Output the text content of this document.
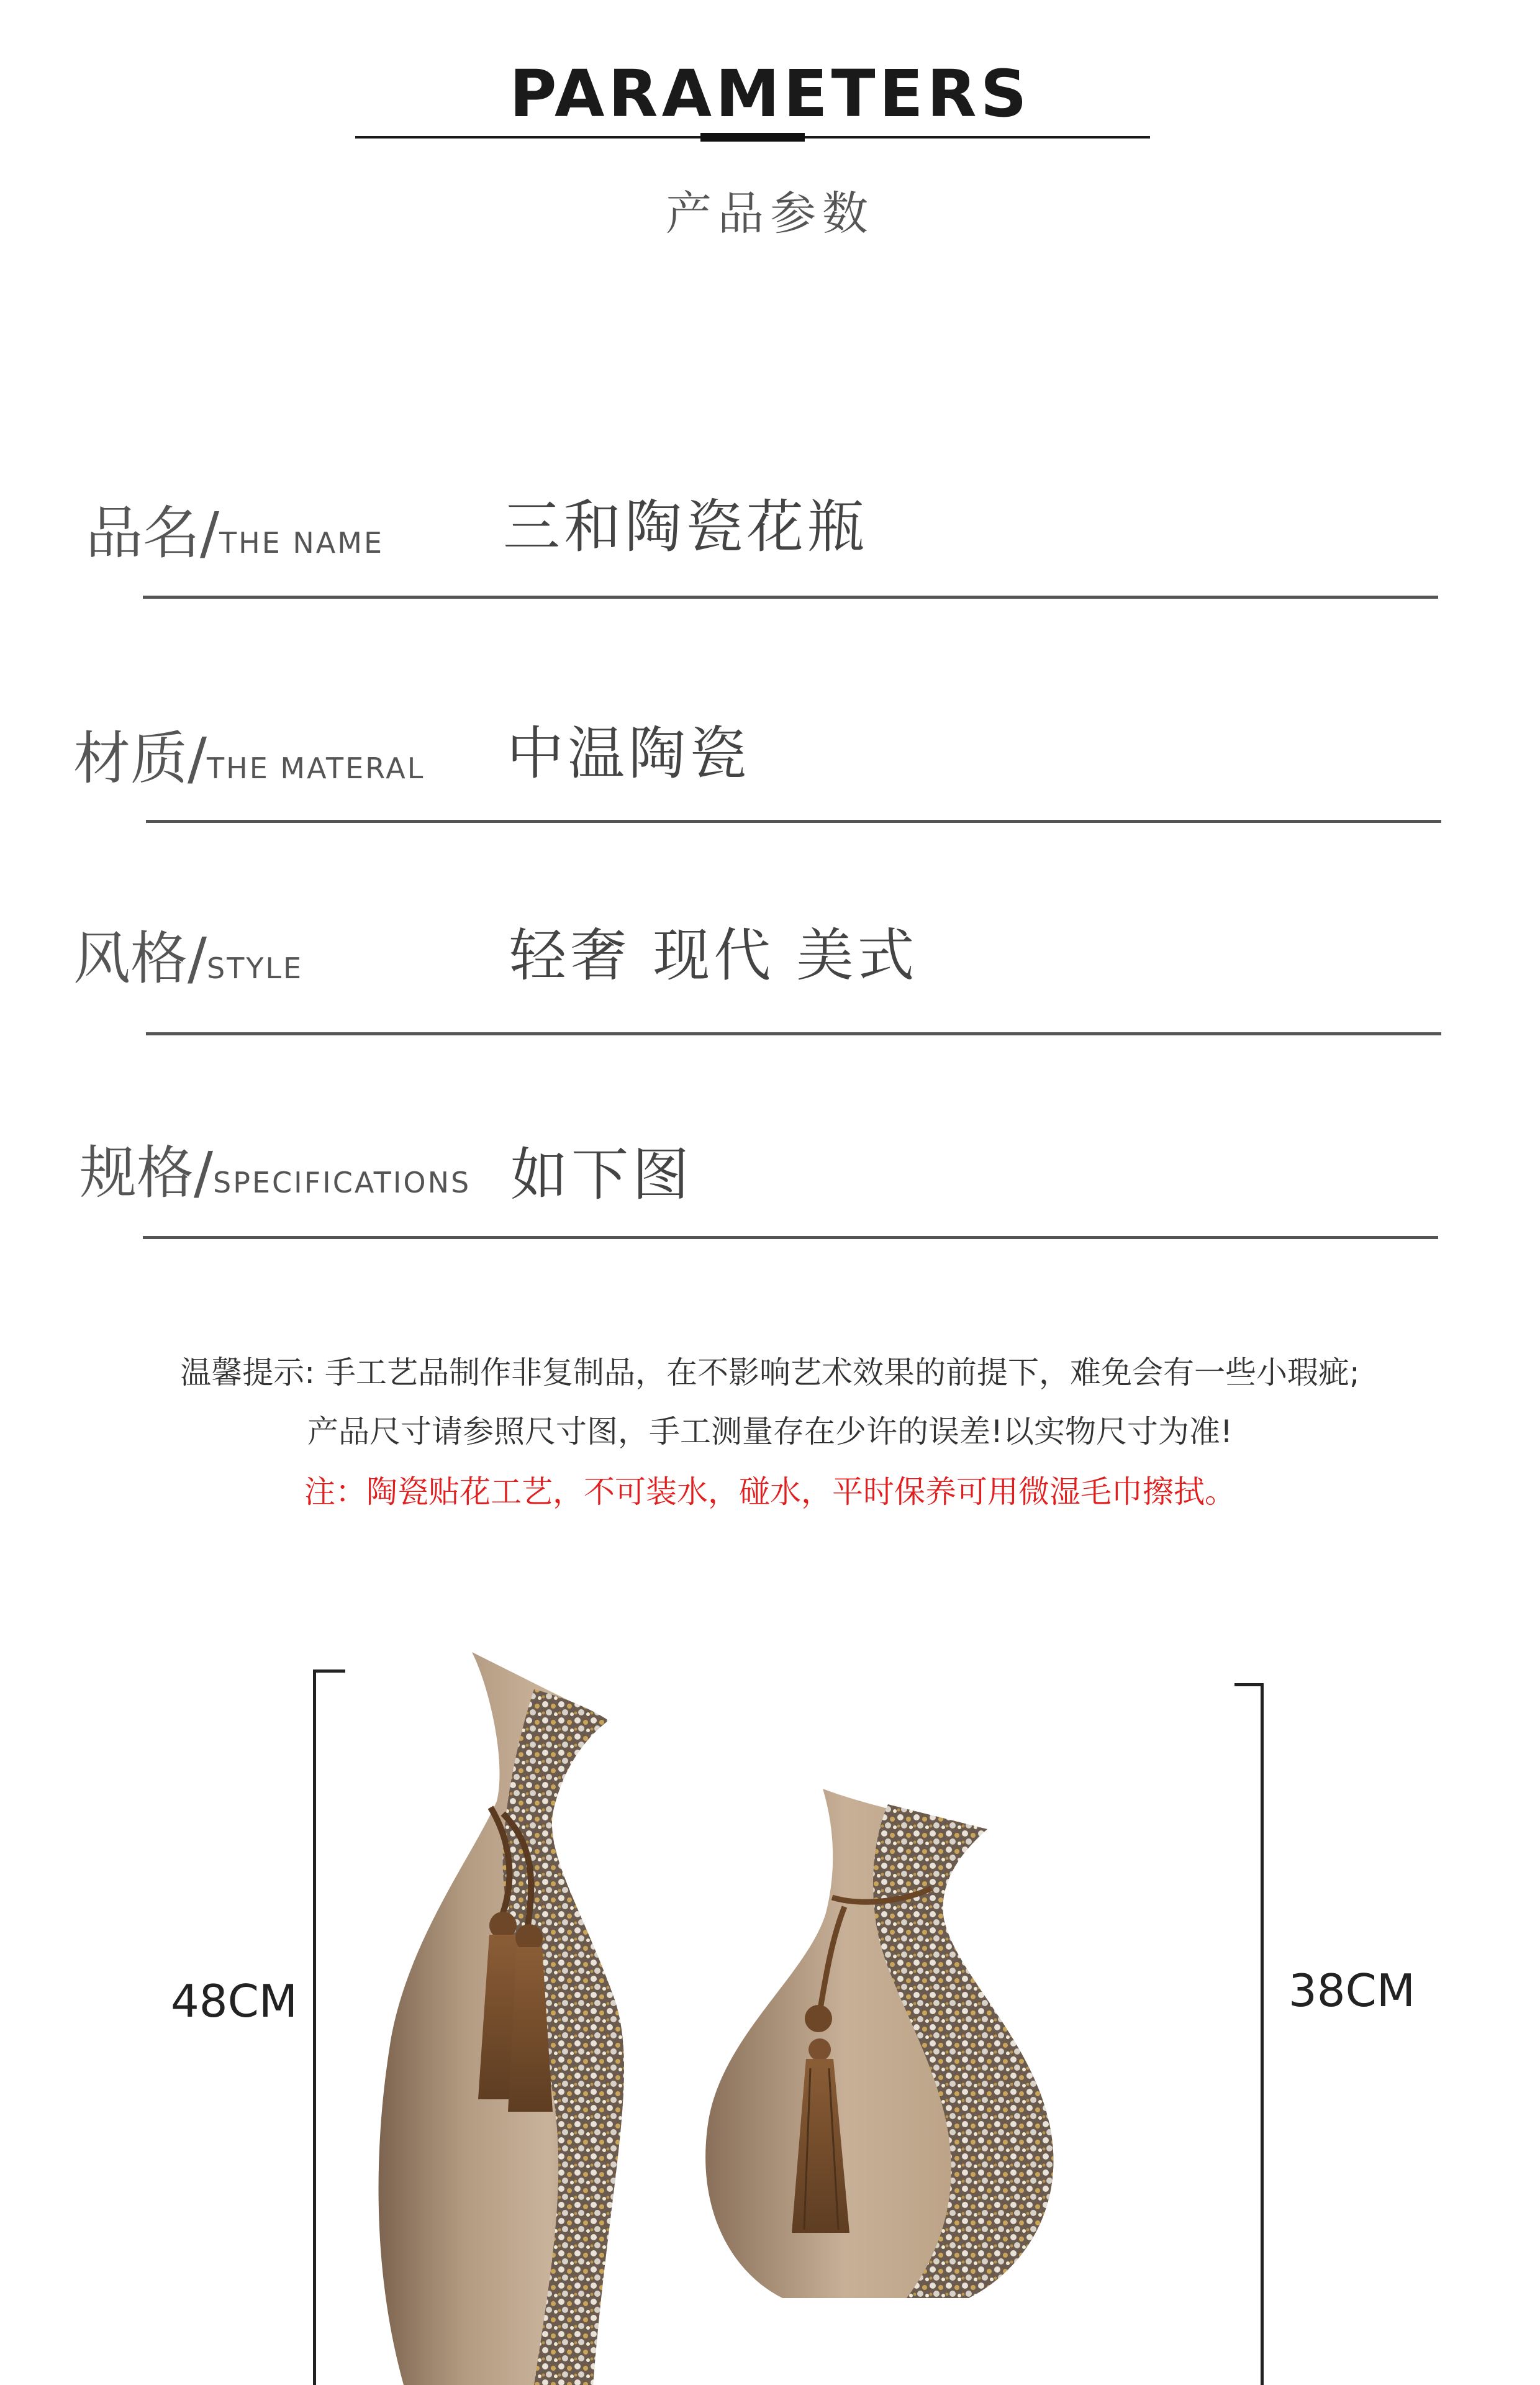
PARAMETERS
产品参数
品名/THE NAME 三和陶瓷花瓶
材质/THE MATERAL 中温陶瓷
风格/STYLE	轻奢 现代 美式
规格/SPECIFICATIONS 如下图
温馨提示: 手工艺品制作非复制品，在不影响艺术效果的前提下，难免会有一些小瑕疵;
产品尺寸请参照尺寸图，手工测量存在少许的误差!以实物尺寸为准!
注：陶瓷贴花工艺，不可装水，碰水，平时保养可用微湿毛巾擦拭。
48CM	38CM
